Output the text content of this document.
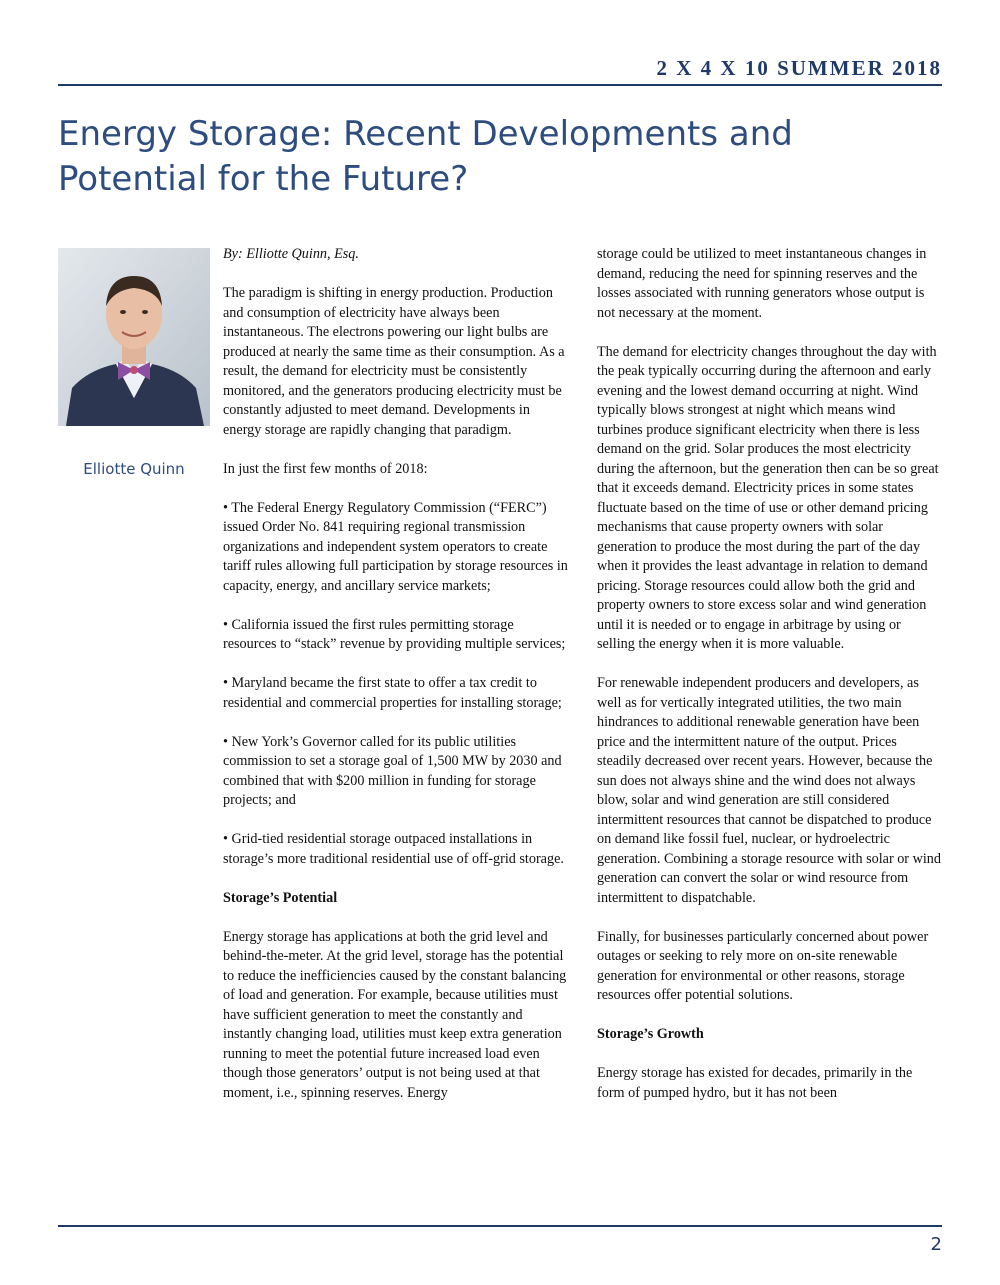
2 X 4 X 10 SUMMER 2018
Energy Storage: Recent Developments and Potential for the Future?
Elliotte Quinn

By: Elliotte Quinn, Esq.

The paradigm is shifting in energy production. Production and consumption of electricity have always been instantaneous. The electrons powering our light bulbs are produced at nearly the same time as their consumption. As a result, the demand for electricity must be consistently monitored, and the generators producing electricity must be constantly adjusted to meet demand. Developments in energy storage are rapidly changing that paradigm.

In just the first few months of 2018:

• The Federal Energy Regulatory Commission (“FERC”) issued Order No. 841 requiring regional transmission organizations and independent system operators to create tariff rules allowing full participation by storage resources in capacity, energy, and ancillary service markets;

• California issued the first rules permitting storage resources to “stack” revenue by providing multiple services;

• Maryland became the first state to offer a tax credit to residential and commercial properties for installing storage;

• New York’s Governor called for its public utilities commission to set a storage goal of 1,500 MW by 2030 and combined that with $200 million in funding for storage projects; and

• Grid-tied residential storage outpaced installations in storage’s more traditional residential use of off-grid storage.

Storage’s Potential

Energy storage has applications at both the grid level and behind-the-meter. At the grid level, storage has the potential to reduce the inefficiencies caused by the constant balancing of load and generation. For example, because utilities must have sufficient generation to meet the constantly and instantly changing load, utilities must keep extra generation running to meet the potential future increased load even though those generators’ output is not being used at that moment, i.e., spinning reserves. Energy

storage could be utilized to meet instantaneous changes in demand, reducing the need for spinning reserves and the losses associated with running generators whose output is not necessary at the moment.

The demand for electricity changes throughout the day with the peak typically occurring during the afternoon and early evening and the lowest demand occurring at night. Wind typically blows strongest at night which means wind turbines produce significant electricity when there is less demand on the grid. Solar produces the most electricity during the afternoon, but the generation then can be so great that it exceeds demand. Electricity prices in some states fluctuate based on the time of use or other demand pricing mechanisms that cause property owners with solar generation to produce the most during the part of the day when it provides the least advantage in relation to demand pricing. Storage resources could allow both the grid and property owners to store excess solar and wind generation until it is needed or to engage in arbitrage by using or selling the energy when it is more valuable.

For renewable independent producers and developers, as well as for vertically integrated utilities, the two main hindrances to additional renewable generation have been price and the intermittent nature of the output. Prices steadily decreased over recent years. However, because the sun does not always shine and the wind does not always blow, solar and wind generation are still considered intermittent resources that cannot be dispatched to produce on demand like fossil fuel, nuclear, or hydroelectric generation. Combining a storage resource with solar or wind generation can convert the solar or wind resource from intermittent to dispatchable.

Finally, for businesses particularly concerned about power outages or seeking to rely more on on-site renewable generation for environmental or other reasons, storage resources offer potential solutions.

Storage’s Growth

Energy storage has existed for decades, primarily in the form of pumped hydro, but it has not been

2
